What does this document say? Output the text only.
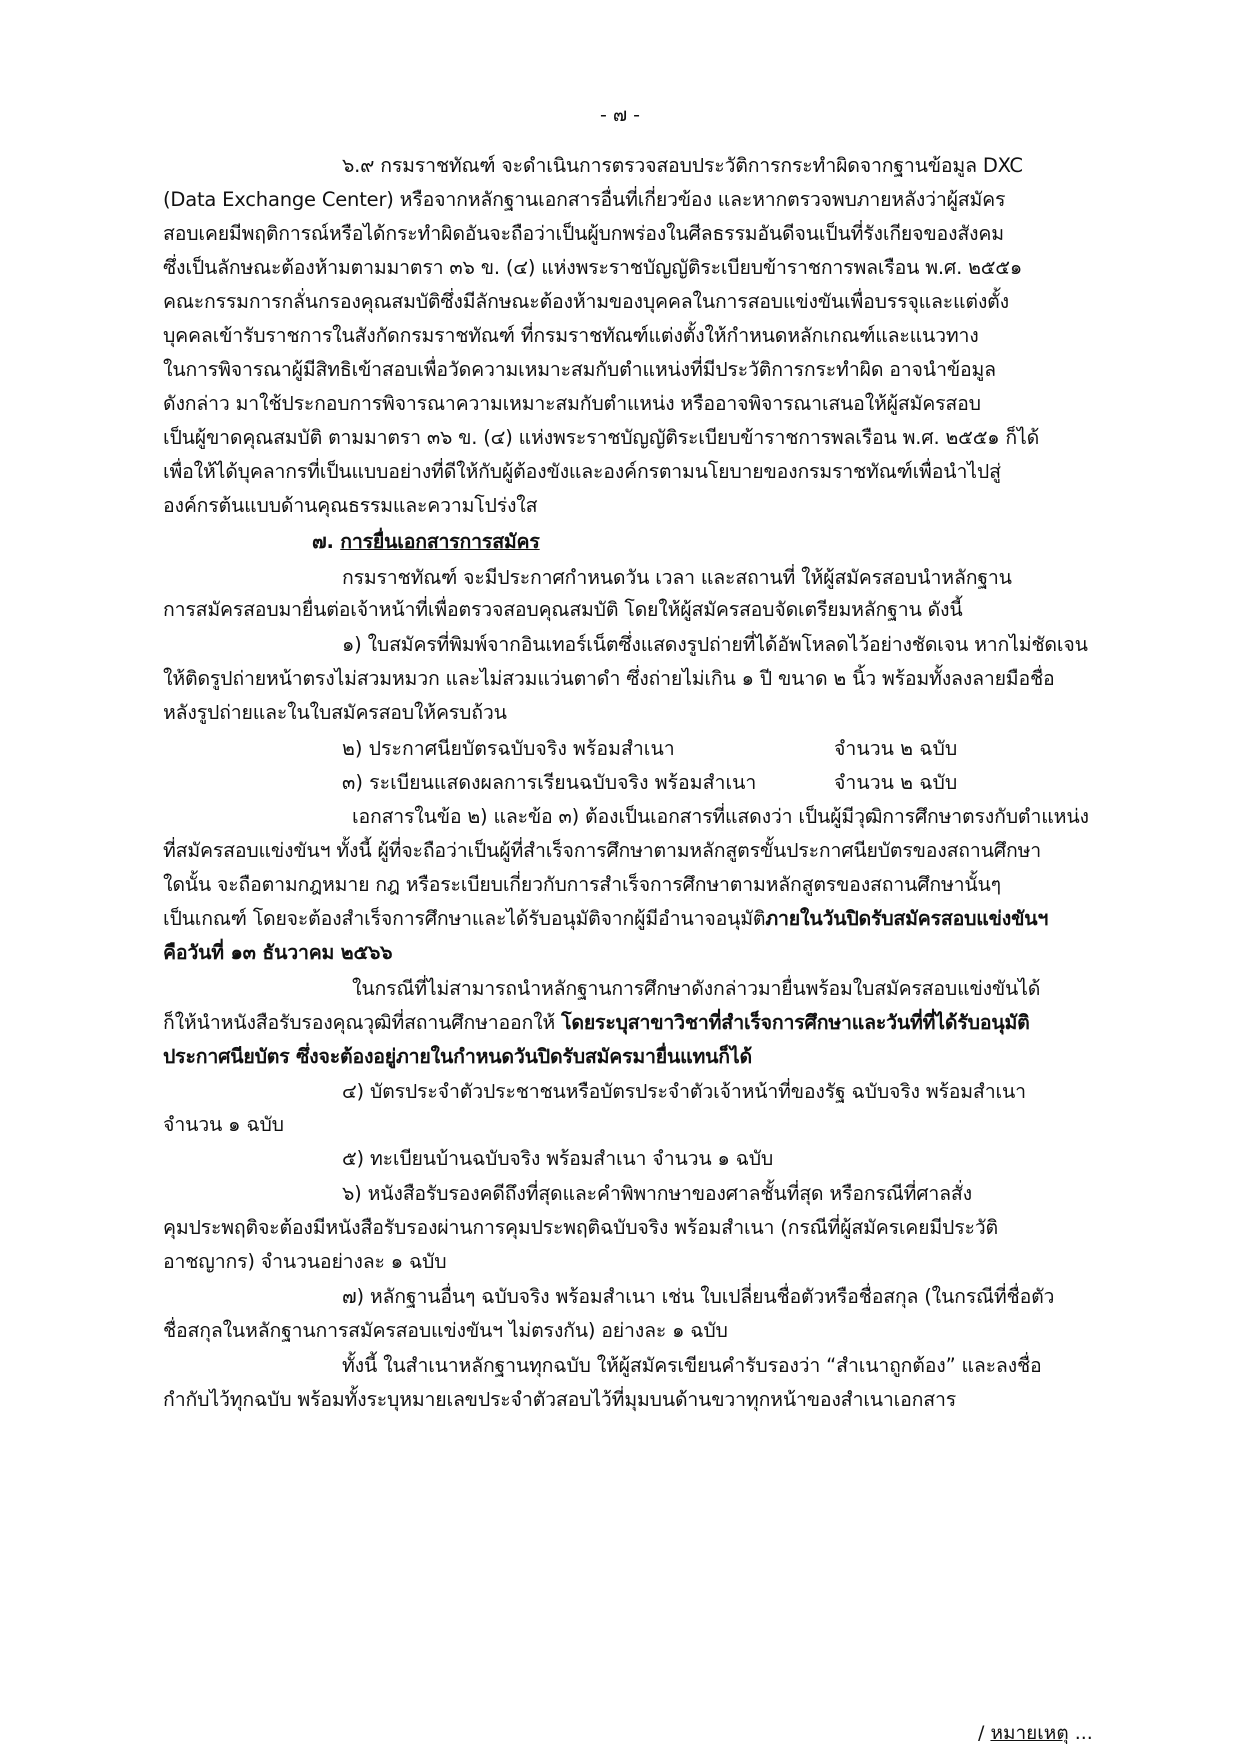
- ๗ -
๖.๙ กรมราชทัณฑ์ จะดำเนินการตรวจสอบประวัติการกระทำผิดจากฐานข้อมูล DXC
(Data Exchange Center) หรือจากหลักฐานเอกสารอื่นที่เกี่ยวข้อง และหากตรวจพบภายหลังว่าผู้สมัคร
สอบเคยมีพฤติการณ์หรือได้กระทำผิดอันจะถือว่าเป็นผู้บกพร่องในศีลธรรมอันดีจนเป็นที่รังเกียจของสังคม
ซึ่งเป็นลักษณะต้องห้ามตามมาตรา ๓๖ ข. (๔) แห่งพระราชบัญญัติระเบียบข้าราชการพลเรือน พ.ศ. ๒๕๕๑
คณะกรรมการกลั่นกรองคุณสมบัติซึ่งมีลักษณะต้องห้ามของบุคคลในการสอบแข่งขันเพื่อบรรจุและแต่งตั้ง
บุคคลเข้ารับราชการในสังกัดกรมราชทัณฑ์ ที่กรมราชทัณฑ์แต่งตั้งให้กำหนดหลักเกณฑ์และแนวทาง
ในการพิจารณาผู้มีสิทธิเข้าสอบเพื่อวัดความเหมาะสมกับตำแหน่งที่มีประวัติการกระทำผิด อาจนำข้อมูล
ดังกล่าว มาใช้ประกอบการพิจารณาความเหมาะสมกับตำแหน่ง หรืออาจพิจารณาเสนอให้ผู้สมัครสอบ
เป็นผู้ขาดคุณสมบัติ ตามมาตรา ๓๖ ข. (๔) แห่งพระราชบัญญัติระเบียบข้าราชการพลเรือน พ.ศ. ๒๕๕๑ ก็ได้
เพื่อให้ได้บุคลากรที่เป็นแบบอย่างที่ดีให้กับผู้ต้องขังและองค์กรตามนโยบายของกรมราชทัณฑ์เพื่อนำไปสู่
องค์กรต้นแบบด้านคุณธรรมและความโปร่งใส
๗. การยื่นเอกสารการสมัคร
กรมราชทัณฑ์ จะมีประกาศกำหนดวัน เวลา และสถานที่ ให้ผู้สมัครสอบนำหลักฐาน
การสมัครสอบมายื่นต่อเจ้าหน้าที่เพื่อตรวจสอบคุณสมบัติ โดยให้ผู้สมัครสอบจัดเตรียมหลักฐาน ดังนี้
๑) ใบสมัครที่พิมพ์จากอินเทอร์เน็ตซึ่งแสดงรูปถ่ายที่ได้อัพโหลดไว้อย่างชัดเจน หากไม่ชัดเจน
ให้ติดรูปถ่ายหน้าตรงไม่สวมหมวก และไม่สวมแว่นตาดำ ซึ่งถ่ายไม่เกิน ๑ ปี ขนาด ๒ นิ้ว พร้อมทั้งลงลายมือชื่อ
หลังรูปถ่ายและในใบสมัครสอบให้ครบถ้วน
๒) ประกาศนียบัตรฉบับจริง พร้อมสำเนา	จำนวน ๒ ฉบับ
๓) ระเบียนแสดงผลการเรียนฉบับจริง พร้อมสำเนา	จำนวน ๒ ฉบับ
เอกสารในข้อ ๒) และข้อ ๓) ต้องเป็นเอกสารที่แสดงว่า เป็นผู้มีวุฒิการศึกษาตรงกับตำแหน่ง
ที่สมัครสอบแข่งขันฯ ทั้งนี้ ผู้ที่จะถือว่าเป็นผู้ที่สำเร็จการศึกษาตามหลักสูตรขั้นประกาศนียบัตรของสถานศึกษา
ใดนั้น จะถือตามกฎหมาย กฎ หรือระเบียบเกี่ยวกับการสำเร็จการศึกษาตามหลักสูตรของสถานศึกษานั้นๆ
เป็นเกณฑ์ โดยจะต้องสำเร็จการศึกษาและได้รับอนุมัติจากผู้มีอำนาจอนุมัติภายในวันปิดรับสมัครสอบแข่งขันฯ
คือวันที่ ๑๓ ธันวาคม ๒๕๖๖
ในกรณีที่ไม่สามารถนำหลักฐานการศึกษาดังกล่าวมายื่นพร้อมใบสมัครสอบแข่งขันได้
ก็ให้นำหนังสือรับรองคุณวุฒิที่สถานศึกษาออกให้ โดยระบุสาขาวิชาที่สำเร็จการศึกษาและวันที่ที่ได้รับอนุมัติ
ประกาศนียบัตร ซึ่งจะต้องอยู่ภายในกำหนดวันปิดรับสมัครมายื่นแทนก็ได้
๔) บัตรประจำตัวประชาชนหรือบัตรประจำตัวเจ้าหน้าที่ของรัฐ ฉบับจริง พร้อมสำเนา
จำนวน ๑ ฉบับ
๕) ทะเบียนบ้านฉบับจริง พร้อมสำเนา จำนวน ๑ ฉบับ
๖) หนังสือรับรองคดีถึงที่สุดและคำพิพากษาของศาลชั้นที่สุด หรือกรณีที่ศาลสั่ง
คุมประพฤติจะต้องมีหนังสือรับรองผ่านการคุมประพฤติฉบับจริง พร้อมสำเนา (กรณีที่ผู้สมัครเคยมีประวัติ
อาชญากร) จำนวนอย่างละ ๑ ฉบับ
๗) หลักฐานอื่นๆ ฉบับจริง พร้อมสำเนา เช่น ใบเปลี่ยนชื่อตัวหรือชื่อสกุล (ในกรณีที่ชื่อตัว
ชื่อสกุลในหลักฐานการสมัครสอบแข่งขันฯ ไม่ตรงกัน) อย่างละ ๑ ฉบับ
ทั้งนี้ ในสำเนาหลักฐานทุกฉบับ ให้ผู้สมัครเขียนคำรับรองว่า “สำเนาถูกต้อง” และลงชื่อ
กำกับไว้ทุกฉบับ พร้อมทั้งระบุหมายเลขประจำตัวสอบไว้ที่มุมบนด้านขวาทุกหน้าของสำเนาเอกสาร
/ หมายเหตุ ...
